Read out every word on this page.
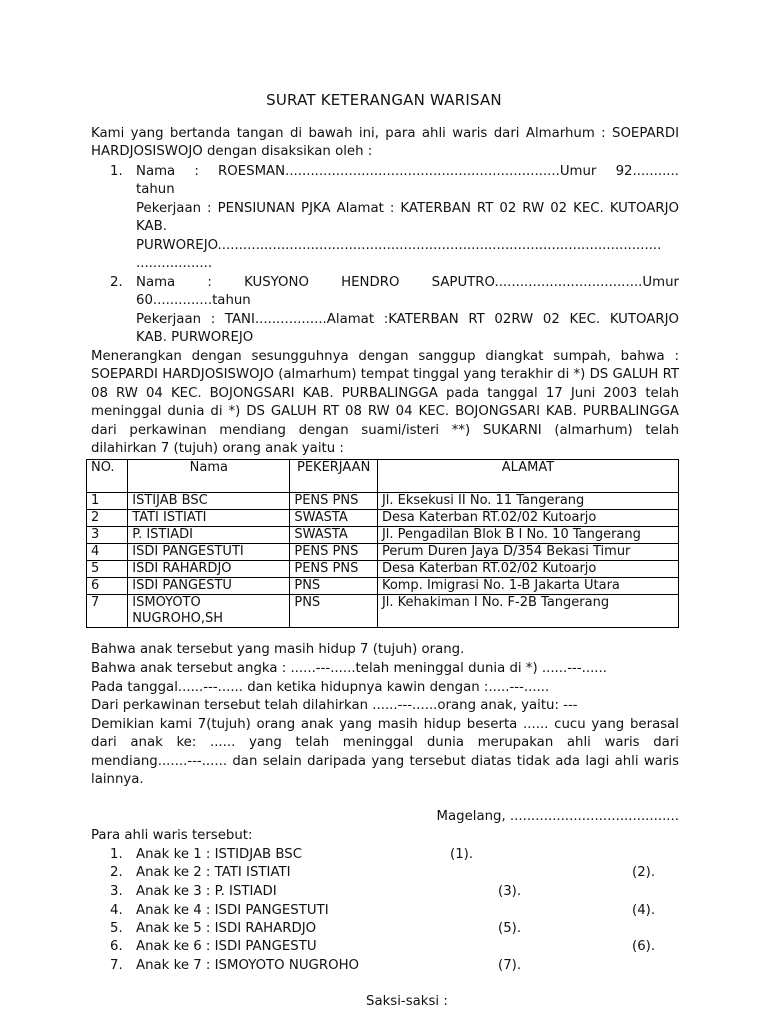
SURAT KETERANGAN WARISAN
Kami yang bertanda tangan di bawah ini, para ahli waris dari Almarhum : SOEPARDI HARDJOSISWOJO dengan disaksikan oleh :
1. Nama : ROESMAN.................................................................Umur 92...........
tahun
Pekerjaan : PENSIUNAN PJKA Alamat : KATERBAN RT 02 RW 02 KEC. KUTOARJO
KAB.
PURWOREJO.........................................................................................................
..................
2. Nama : KUSYONO HENDRO SAPUTRO...................................Umur
60..............tahun
Pekerjaan : TANI.................Alamat :KATERBAN RT 02RW 02 KEC. KUTOARJO
KAB. PURWOREJO
Menerangkan dengan sesungguhnya dengan sanggup diangkat sumpah, bahwa : SOEPARDI HARDJOSISWOJO (almarhum) tempat tinggal yang terakhir di *) DS GALUH RT 08 RW 04 KEC. BOJONGSARI KAB. PURBALINGGA pada tanggal 17 Juni 2003 telah meninggal dunia di *) DS GALUH RT 08 RW 04 KEC. BOJONGSARI KAB. PURBALINGGA dari perkawinan mendiang dengan suami/isteri **) SUKARNI (almarhum) telah dilahirkan 7 (tujuh) orang anak yaitu :
NO.	Nama	PEKERJAAN	ALAMAT
1	ISTIJAB BSC	PENS PNS	Jl. Eksekusi II No. 11 Tangerang
2	TATI ISTIATI	SWASTA	Desa Katerban RT.02/02 Kutoarjo
3	P. ISTIADI	SWASTA	Jl. Pengadilan Blok B I No. 10 Tangerang
4	ISDI PANGESTUTI	PENS PNS	Perum Duren Jaya D/354 Bekasi Timur
5	ISDI RAHARDJO	PENS PNS	Desa Katerban RT.02/02 Kutoarjo
6	ISDI PANGESTU	PNS	Komp. Imigrasi No. 1-B Jakarta Utara
7	ISMOYOTO NUGROHO,SH	PNS	Jl. Kehakiman I No. F-2B Tangerang
Bahwa anak tersebut yang masih hidup 7 (tujuh) orang.
Bahwa anak tersebut angka : ......---......telah meninggal dunia di *) ......---......
Pada tanggal......---...... dan ketika hidupnya kawin dengan :.....---......
Dari perkawinan tersebut telah dilahirkan ......---......orang anak, yaitu: ---
Demikian kami 7(tujuh) orang anak yang masih hidup beserta ...... cucu yang berasal dari anak ke: ...... yang telah meninggal dunia merupakan ahli waris dari mendiang.......---...... dan selain daripada yang tersebut diatas tidak ada lagi ahli waris lainnya.
Magelang, ........................................
Para ahli waris tersebut:
1. Anak ke 1 : ISTIDJAB BSC	(1).
2. Anak ke 2 : TATI ISTIATI	(2).
3. Anak ke 3 : P. ISTIADI	(3).
4. Anak ke 4 : ISDI PANGESTUTI	(4).
5. Anak ke 5 : ISDI RAHARDJO	(5).
6. Anak ke 6 : ISDI PANGESTU	(6).
7. Anak ke 7 : ISMOYOTO NUGROHO	(7).
Saksi-saksi :
